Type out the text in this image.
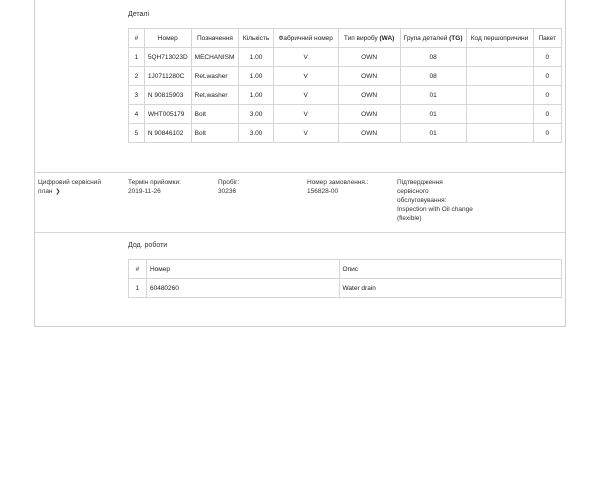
Деталі
#	Номер	Позначення	Кількість	Фабричний номер	Тип виробу (WA)	Група деталей (TG)	Код першопричини	Пакет
1	5QH713023D	MECHANISM	1.00	V	OWN	08		0
2	1J0711280C	Ret.washer	1.00	V	OWN	08		0
3	N 90815903	Ret.washer	1.00	V	OWN	01		0
4	WHT005179	Bolt	3.00	V	OWN	01		0
5	N 90846102	Bolt	3.00	V	OWN	01		0
Цифровий сервісний
план ❯
Термін прийомки:
2019-11-26
Пробіг:
30236
Номер замовлення.:
156828-00
Підтвердження
сервісного
обслуговування:
Inspection with Oil change
(flexible)
Дод. роботи
#	Номер	Опис
1	60480260	Water drain
